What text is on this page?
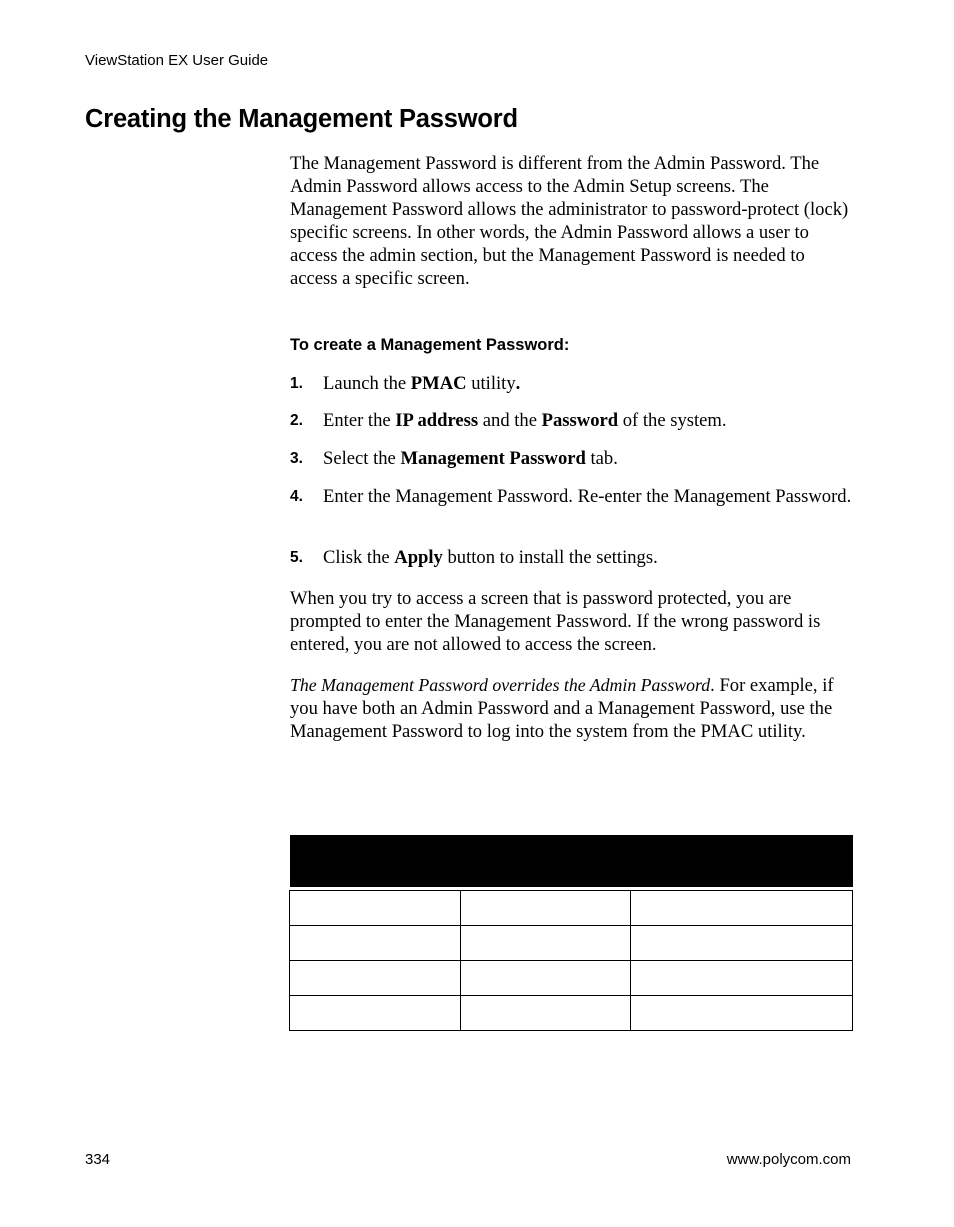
ViewStation EX User Guide
Creating the Management Password

The Management Password is different from the Admin Password. The Admin Password allows access to the Admin Setup screens. The Management Password allows the administrator to password-protect (lock) specific screens. In other words, the Admin Password allows a user to access the admin section, but the Management Password is needed to access a specific screen.

To create a Management Password:
1. Launch the PMAC utility.
2. Enter the IP address and the Password of the system.
3. Select the Management Password tab.
4. Enter the Management Password. Re-enter the Management Password.
5. Clisk the Apply button to install the settings.

When you try to access a screen that is password protected, you are prompted to enter the Management Password. If the wrong password is entered, you are not allowed to access the screen.

The Management Password overrides the Admin Password. For example, if you have both an Admin Password and a Management Password, use the Management Password to log into the system from the PMAC utility.

334	www.polycom.com
